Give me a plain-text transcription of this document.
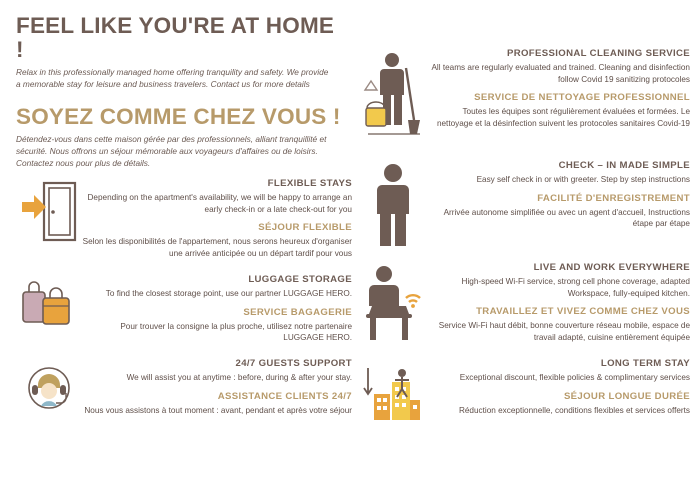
FEEL LIKE YOU'RE AT HOME !
Relax in this professionally managed home offering tranquility and safety. We provide a memorable stay for leisure and business travelers. Contact us for more details
SOYEZ COMME CHEZ VOUS !
Détendez-vous dans cette maison gérée par des professionnels, alliant tranquillité et sécurité. Nous offrons un séjour mémorable aux voyageurs d'affaires ou de loisirs. Contactez nous pour plus de détails.
FLEXIBLE STAYS
Depending on the apartment's availability, we will be happy to arrange an early check-in or a late check-out for you
SÉJOUR FLEXIBLE
Selon les disponibilités de l'appartement, nous serons heureux d'organiser une arrivée anticipée ou un départ tardif pour vous
LUGGAGE STORAGE
To find the closest storage point, use our partner LUGGAGE HERO.
SERVICE BAGAGERIE
Pour trouver la consigne la plus proche, utilisez notre partenaire LUGGAGE HERO.
24/7 GUESTS SUPPORT
We will assist you at anytime : before, during & after your stay.
ASSISTANCE CLIENTS 24/7
Nous vous assistons à tout moment : avant, pendant et après votre séjour
PROFESSIONAL CLEANING SERVICE
All teams are regularly evaluated and trained. Cleaning and disinfection follow Covid 19 sanitizing protocoles
SERVICE DE NETTOYAGE PROFESSIONNEL
Toutes les équipes sont régulièrement évaluées et formées. Le nettoyage et la désinfection suivent les protocoles sanitaires Covid-19
CHECK – IN MADE SIMPLE
Easy self check in or with greeter. Step by step instructions
FACILITÉ D'ENREGISTREMENT
Arrivée autonome simplifiée ou avec un agent d'accueil, Instructions étape par étape
LIVE AND WORK EVERYWHERE
High-speed Wi-Fi service, strong cell phone coverage, adapted Workspace, fully-equiped kitchen.
TRAVAILLEZ ET VIVEZ COMME CHEZ VOUS
Service Wi-Fi haut débit, bonne couverture réseau mobile, espace de travail adapté, cuisine entièrement équipée
LONG TERM STAY
Exceptional discount, flexible policies & complimentary services
SÉJOUR LONGUE DURÉE
Réduction exceptionnelle, conditions flexibles et services offerts
